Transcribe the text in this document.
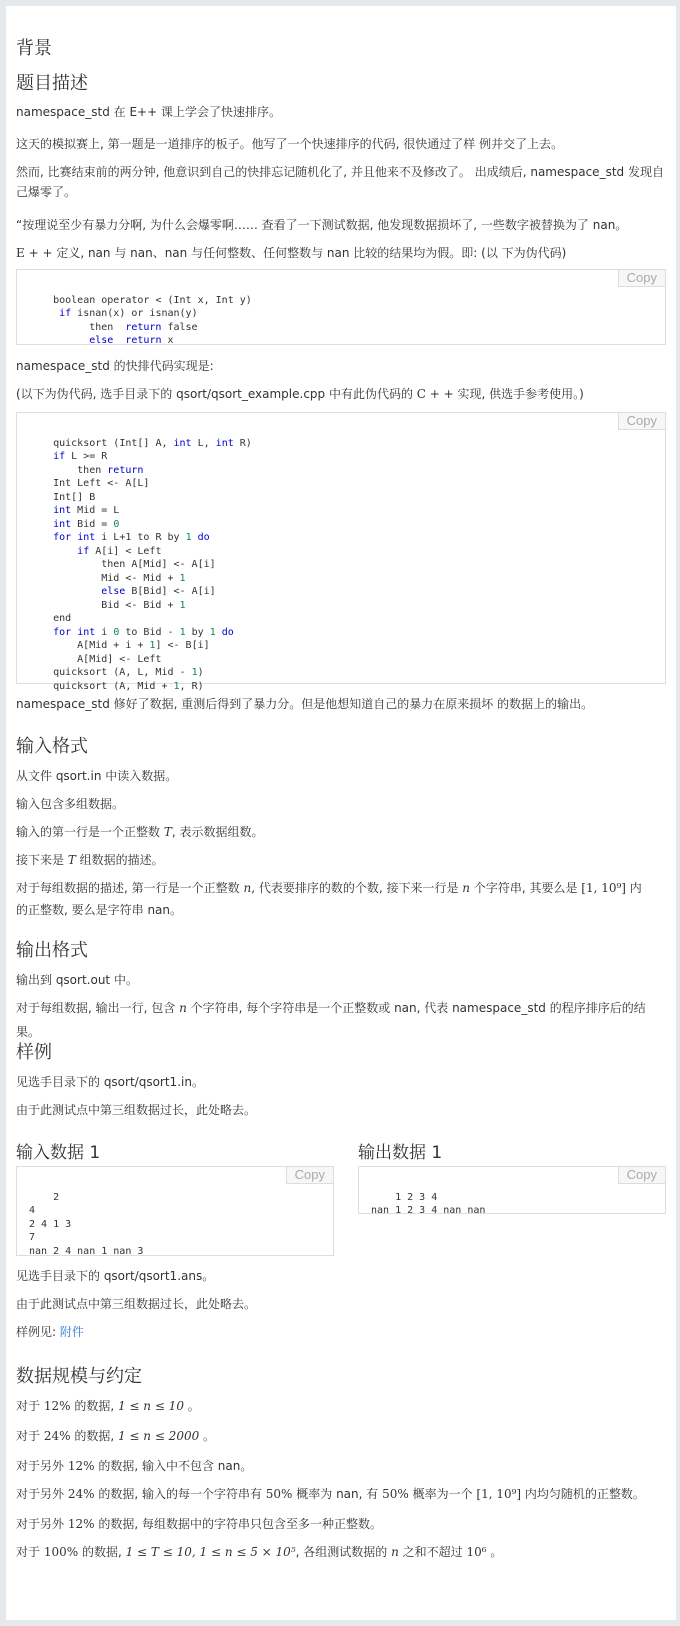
背景
题目描述

namespace_std 在 E++ 课上学会了快速排序。

这天的模拟赛上, 第一题是一道排序的板子。他写了一个快速排序的代码, 很快通过了样 例并交了上去。

然而, 比赛结束前的两分钟, 他意识到自己的快排忘记随机化了, 并且他来不及修改了。 出成绩后, namespace_std 发现自

己爆零了。

“按理说至少有暴力分啊, 为什么会爆零啊…… 查看了一下测试数据, 他发现数据损坏了, 一些数字被替换为了 nan。

E + + 定义, nan 与 nan、nan 与任何整数、任何整数与 nan 比较的结果均为假。即: (以 下为伪代码)

Copy
boolean operator < (Int x, Int y)
if isnan(x) or isnan(y)
then  return false
else return x

namespace_std 的快排代码实现是:

(以下为伪代码, 选手目录下的 qsort/qsort_example.cpp 中有此伪代码的 C + + 实现, 供选手参考使用。)

Copy
quicksort (Int[] A, int L, int R)
if L >= R
then return
Int Left <- A[L]
Int[] B
int Mid = L
int Bid = 0
for int i L+1 to R by 1 do
if A[i] < Left
then A[Mid] <- A[i]
Mid <- Mid + 1
else B[Bid] <- A[i]
Bid <- Bid + 1
end
for int i 0 to Bid - 1 by 1 do
A[Mid + i + 1] <- B[i]
A[Mid] <- Left
quicksort (A, L, Mid - 1)
quicksort (A, Mid + 1, R)

namespace_std 修好了数据, 重测后得到了暴力分。但是他想知道自己的暴力在原来损坏 的数据上的输出。

输入格式

从文件 qsort.in 中读入数据。

输入包含多组数据。

输入的第一行是一个正整数 T, 表示数据组数。

接下来是 T 组数据的描述。

对于每组数据的描述, 第一行是一个正整数 n, 代表要排序的数的个数, 接下来一行是 n 个字符串, 其要么是 [1, 10⁹] 内

的正整数, 要么是字符串 nan。

输出格式

输出到 qsort.out 中。

对于每组数据, 输出一行, 包含 n 个字符串, 每个字符串是一个正整数或 nan, 代表 namespace_std 的程序排序后的结果。

样例

见选手目录下的 qsort/qsort1.in。

由于此测试点中第三组数据过长，此处略去。

输入数据 1	输出数据 1

Copy
2
4
2 4 1 3
7
nan 2 4 nan 1 nan 3

Copy
1 2 3 4
nan 1 2 3 4 nan nan

见选手目录下的 qsort/qsort1.ans。

由于此测试点中第三组数据过长，此处略去。

样例见: 附件

数据规模与约定

对于 12% 的数据, 1 ≤ n ≤ 10 。

对于 24% 的数据, 1 ≤ n ≤ 2000 。

对于另外 12% 的数据, 输入中不包含 nan。

对于另外 24% 的数据, 输入的每一个字符串有 50% 概率为 nan, 有 50% 概率为一个 [1, 10⁹] 内均匀随机的正整数。

对于另外 12% 的数据, 每组数据中的字符串只包含至多一种正整数。

对于 100% 的数据, 1 ≤ T ≤ 10, 1 ≤ n ≤ 5 × 10⁵, 各组测试数据的 n 之和不超过 10⁶ 。
